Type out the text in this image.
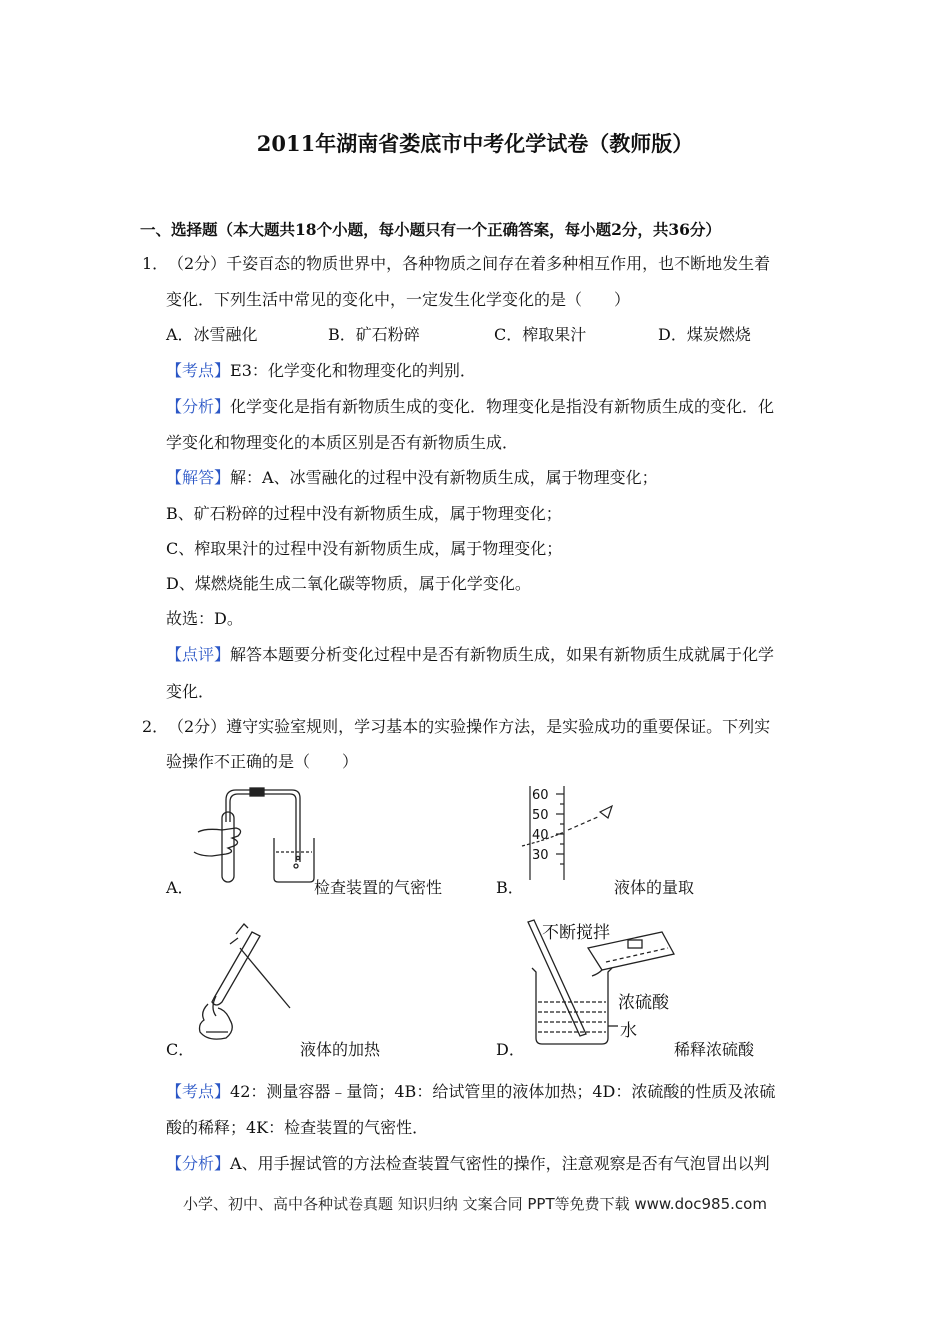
2011年湖南省娄底市中考化学试卷（教师版）
一、选择题（本大题共18个小题，每小题只有一个正确答案，每小题2分，共36分）
1． （2分）千姿百态的物质世界中，各种物质之间存在着多种相互作用，也不断地发生着
变化．下列生活中常见的变化中，一定发生化学变化的是（　　）
A．冰雪融化	B．矿石粉碎	C．榨取果汁	D．煤炭燃烧
【考点】E3：化学变化和物理变化的判别．
【分析】化学变化是指有新物质生成的变化．物理变化是指没有新物质生成的变化．化
学变化和物理变化的本质区别是否有新物质生成．
【解答】解：A、冰雪融化的过程中没有新物质生成，属于物理变化；
B、矿石粉碎的过程中没有新物质生成，属于物理变化；
C、榨取果汁的过程中没有新物质生成，属于物理变化；
D、煤燃烧能生成二氧化碳等物质，属于化学变化。
故选：D。
【点评】解答本题要分析变化过程中是否有新物质生成，如果有新物质生成就属于化学
变化．
2． （2分）遵守实验室规则，学习基本的实验操作方法，是实验成功的重要保证。下列实
验操作不正确的是（　　）
A．	检查装置的气密性
60
50
40
30
B．	液体的量取
C．	液体的加热
不断搅拌
浓硫酸
水
D．	稀释浓硫酸
【考点】42：测量容器﹣量筒；4B：给试管里的液体加热；4D：浓硫酸的性质及浓硫
酸的稀释；4K：检查装置的气密性．
【分析】A、用手握试管的方法检查装置气密性的操作，注意观察是否有气泡冒出以判
小学、初中、高中各种试卷真题 知识归纳 文案合同 PPT等免费下载 www.doc985.com
